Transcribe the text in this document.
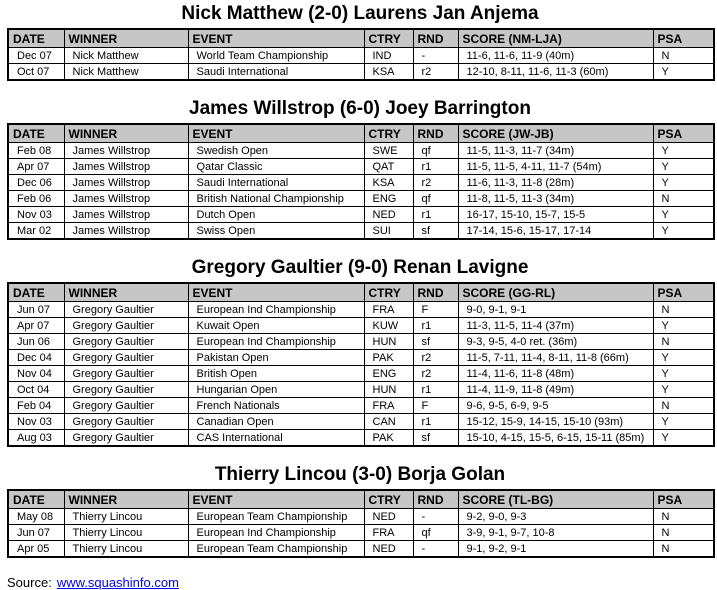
Nick Matthew (2-0) Laurens Jan Anjema
DATE	WINNER	EVENT	CTRY	RND	SCORE (NM-LJA)	PSA
Dec 07	Nick Matthew	World Team Championship	IND	-	11-6, 11-6, 11-9 (40m)	N
Oct 07	Nick Matthew	Saudi International	KSA	r2	12-10, 8-11, 11-6, 11-3 (60m)	Y
James Willstrop (6-0) Joey Barrington
DATE	WINNER	EVENT	CTRY	RND	SCORE (JW-JB)	PSA
Feb 08	James Willstrop	Swedish Open	SWE	qf	11-5, 11-3, 11-7 (34m)	Y
Apr 07	James Willstrop	Qatar Classic	QAT	r1	11-5, 11-5, 4-11, 11-7 (54m)	Y
Dec 06	James Willstrop	Saudi International	KSA	r2	11-6, 11-3, 11-8 (28m)	Y
Feb 06	James Willstrop	British National Championship	ENG	qf	11-8, 11-5, 11-3 (34m)	N
Nov 03	James Willstrop	Dutch Open	NED	r1	16-17, 15-10, 15-7, 15-5	Y
Mar 02	James Willstrop	Swiss Open	SUI	sf	17-14, 15-6, 15-17, 17-14	Y
Gregory Gaultier (9-0) Renan Lavigne
DATE	WINNER	EVENT	CTRY	RND	SCORE (GG-RL)	PSA
Jun 07	Gregory Gaultier	European Ind Championship	FRA	F	9-0, 9-1, 9-1	N
Apr 07	Gregory Gaultier	Kuwait Open	KUW	r1	11-3, 11-5, 11-4 (37m)	Y
Jun 06	Gregory Gaultier	European Ind Championship	HUN	sf	9-3, 9-5, 4-0 ret. (36m)	N
Dec 04	Gregory Gaultier	Pakistan Open	PAK	r2	11-5, 7-11, 11-4, 8-11, 11-8 (66m)	Y
Nov 04	Gregory Gaultier	British Open	ENG	r2	11-4, 11-6, 11-8 (48m)	Y
Oct 04	Gregory Gaultier	Hungarian Open	HUN	r1	11-4, 11-9, 11-8 (49m)	Y
Feb 04	Gregory Gaultier	French Nationals	FRA	F	9-6, 9-5, 6-9, 9-5	N
Nov 03	Gregory Gaultier	Canadian Open	CAN	r1	15-12, 15-9, 14-15, 15-10 (93m)	Y
Aug 03	Gregory Gaultier	CAS International	PAK	sf	15-10, 4-15, 15-5, 6-15, 15-11 (85m)	Y
Thierry Lincou (3-0) Borja Golan
DATE	WINNER	EVENT	CTRY	RND	SCORE (TL-BG)	PSA
May 08	Thierry Lincou	European Team Championship	NED	-	9-2, 9-0, 9-3	N
Jun 07	Thierry Lincou	European Ind Championship	FRA	qf	3-9, 9-1, 9-7, 10-8	N
Apr 05	Thierry Lincou	European Team Championship	NED	-	9-1, 9-2, 9-1	N
Source: www.squashinfo.com
